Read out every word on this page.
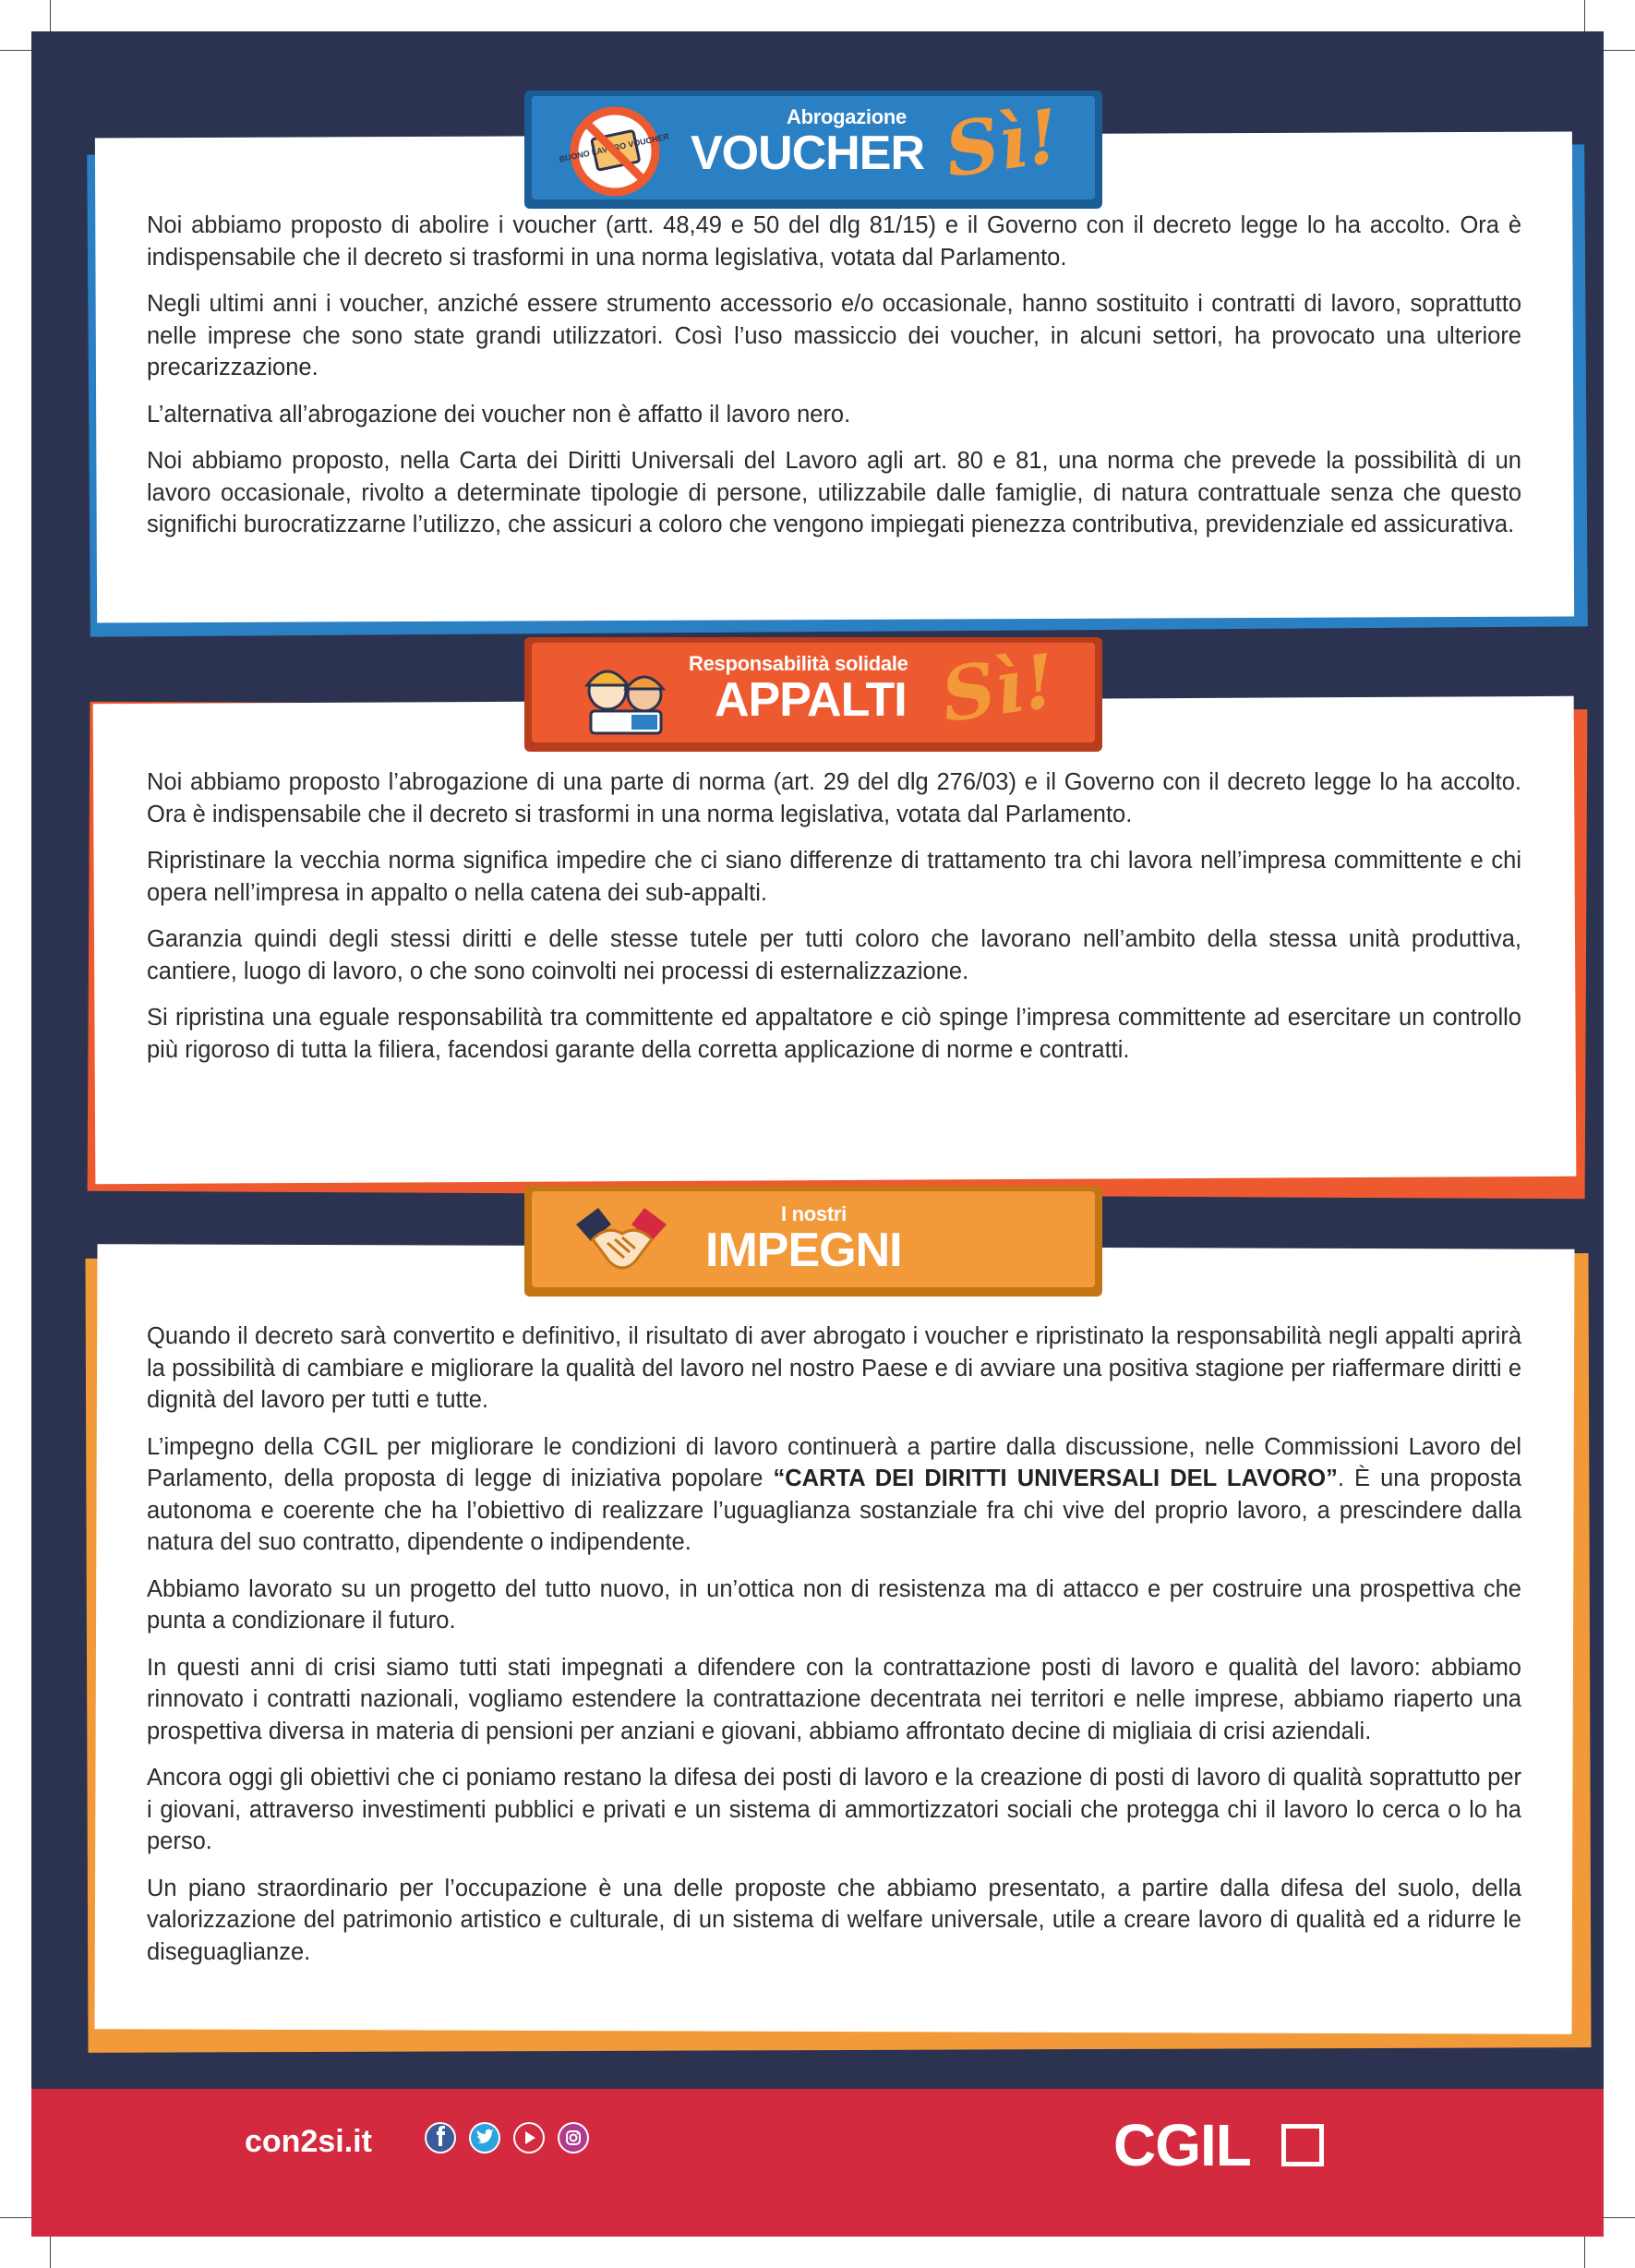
Noi abbiamo proposto di abolire i voucher (artt. 48,49 e 50 del dlg 81/15) e il Governo con il decreto legge lo ha accolto. Ora è indispensabile che il decreto si trasformi in una norma legislativa, votata dal Parlamento.

Negli ultimi anni i voucher, anziché essere strumento accessorio e/o occasionale, hanno sostituito i contratti di lavoro, soprattutto nelle imprese che sono state grandi utilizzatori. Così l’uso massiccio dei voucher, in alcuni settori, ha provocato una ulteriore precarizzazione.

L’alternativa all’abrogazione dei voucher non è affatto il lavoro nero.

Noi abbiamo proposto, nella Carta dei Diritti Universali del Lavoro agli art. 80 e 81, una norma che prevede la possibilità di un lavoro occasionale, rivolto a determinate tipologie di persone, utilizzabile dalle famiglie, di natura contrattuale senza che questo significhi burocratizzarne l’utilizzo, che assicuri a coloro che vengono impiegati pienezza contributiva, previdenziale ed assicurativa.

BUONO VOUCHER
Abrogazione
VOUCHER Sì!

Noi abbiamo proposto l’abrogazione di una parte di norma (art. 29 del dlg 276/03) e il Governo con il decreto legge lo ha accolto. Ora è indispensabile che il decreto si trasformi in una norma legislativa, votata dal Parlamento.

Ripristinare la vecchia norma significa impedire che ci siano differenze di trattamento tra chi lavora nell’impresa committente e chi opera nell’impresa in appalto o nella catena dei sub-appalti.

Garanzia quindi degli stessi diritti e delle stesse tutele per tutti coloro che lavorano nell’ambito della stessa unità produttiva, cantiere, luogo di lavoro, o che sono coinvolti nei processi di esternalizzazione.

Si ripristina una eguale responsabilità tra committente ed appaltatore e ciò spinge l’impresa committente ad esercitare un controllo più rigoroso di tutta la filiera, facendosi garante della corretta applicazione di norme e contratti.

Responsabilità solidale
APPALTI Sì!

Quando il decreto sarà convertito e definitivo, il risultato di aver abrogato i voucher e ripristinato la responsabilità negli appalti aprirà la possibilità di cambiare e migliorare la qualità del lavoro nel nostro Paese e di avviare una positiva stagione per riaffermare diritti e dignità del lavoro per tutti e tutte.

L’impegno della CGIL per migliorare le condizioni di lavoro continuerà a partire dalla discussione, nelle Commissioni Lavoro del Parlamento, della proposta di legge di iniziativa popolare “CARTA DEI DIRITTI UNIVERSALI DEL LAVORO”. È una proposta autonoma e coerente che ha l’obiettivo di realizzare l’uguaglianza sostanziale fra chi vive del proprio lavoro, a prescindere dalla natura del suo contratto, dipendente o indipendente.

Abbiamo lavorato su un progetto del tutto nuovo, in un’ottica non di resistenza ma di attacco e per costruire una prospettiva che punta a condizionare il futuro.

In questi anni di crisi siamo tutti stati impegnati a difendere con la contrattazione posti di lavoro e qualità del lavoro: abbiamo rinnovato i contratti nazionali, vogliamo estendere la contrattazione decentrata nei territori e nelle imprese, abbiamo riaperto una prospettiva diversa in materia di pensioni per anziani e giovani, abbiamo affrontato decine di migliaia di crisi aziendali.

Ancora oggi gli obiettivi che ci poniamo restano la difesa dei posti di lavoro e la creazione di posti di lavoro di qualità soprattutto per i giovani, attraverso investimenti pubblici e privati e un sistema di ammortizzatori sociali che protegga chi il lavoro lo cerca o lo ha perso.

Un piano straordinario per l’occupazione è una delle proposte che abbiamo presentato, a partire dalla difesa del suolo, della valorizzazione del patrimonio artistico e culturale, di un sistema di welfare universale, utile a creare lavoro di qualità ed a ridurre le diseguaglianze.

I nostri
IMPEGNI
con2si.it	CGIL
